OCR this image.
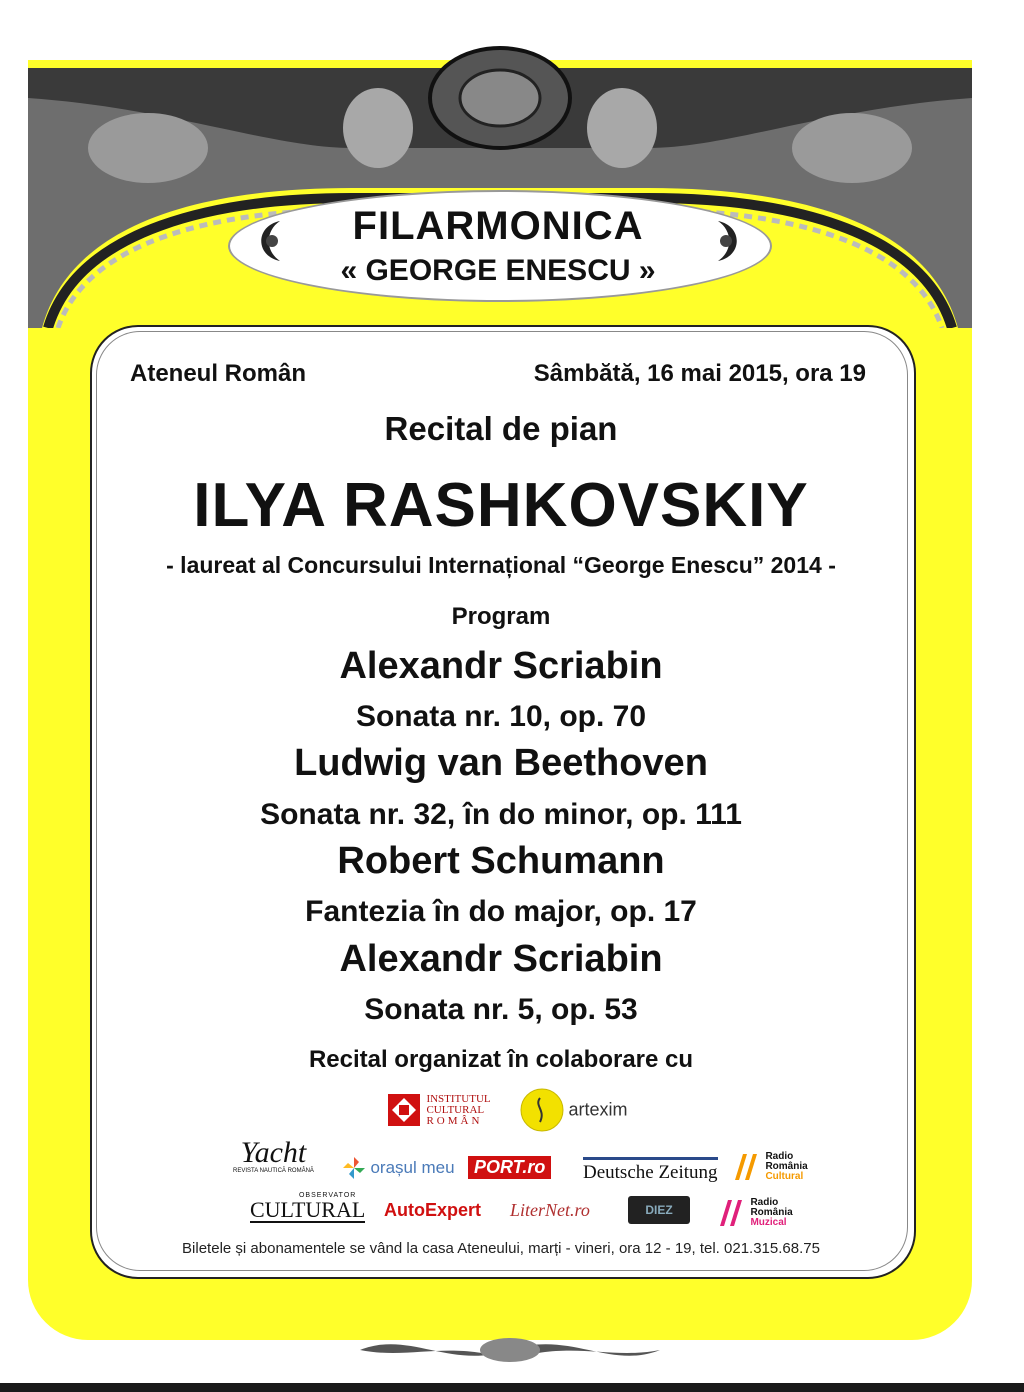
FILARMONICA
« GEORGE ENESCU »
Ateneul Român	Sâmbătă, 16 mai 2015, ora 19
Recital de pian
ILYA RASHKOVSKIY
- laureat al Concursului Internațional “George Enescu” 2014 -
Program
Alexandr Scriabin
Sonata nr. 10, op. 70
Ludwig van Beethoven
Sonata nr. 32, în do minor, op. 111
Robert Schumann
Fantezia în do major, op. 17
Alexandr Scriabin
Sonata nr. 5, op. 53
Recital organizat în colaborare cu
INSTITUTUL
CULTURAL
ROMÂN
artexim
Yacht
REVISTA NAUTICĂ ROMÂNĂ	orașul meu	PORT.ro	Deutsche Zeitung
Radio
România
Cultural
OBSERVATOR
CULTURAL AutoExpert LiterNet.ro	DIEZ
Radio
România
Muzical
Biletele și abonamentele se vând la casa Ateneului, marți - vineri, ora 12 - 19, tel. 021.315.68.75
